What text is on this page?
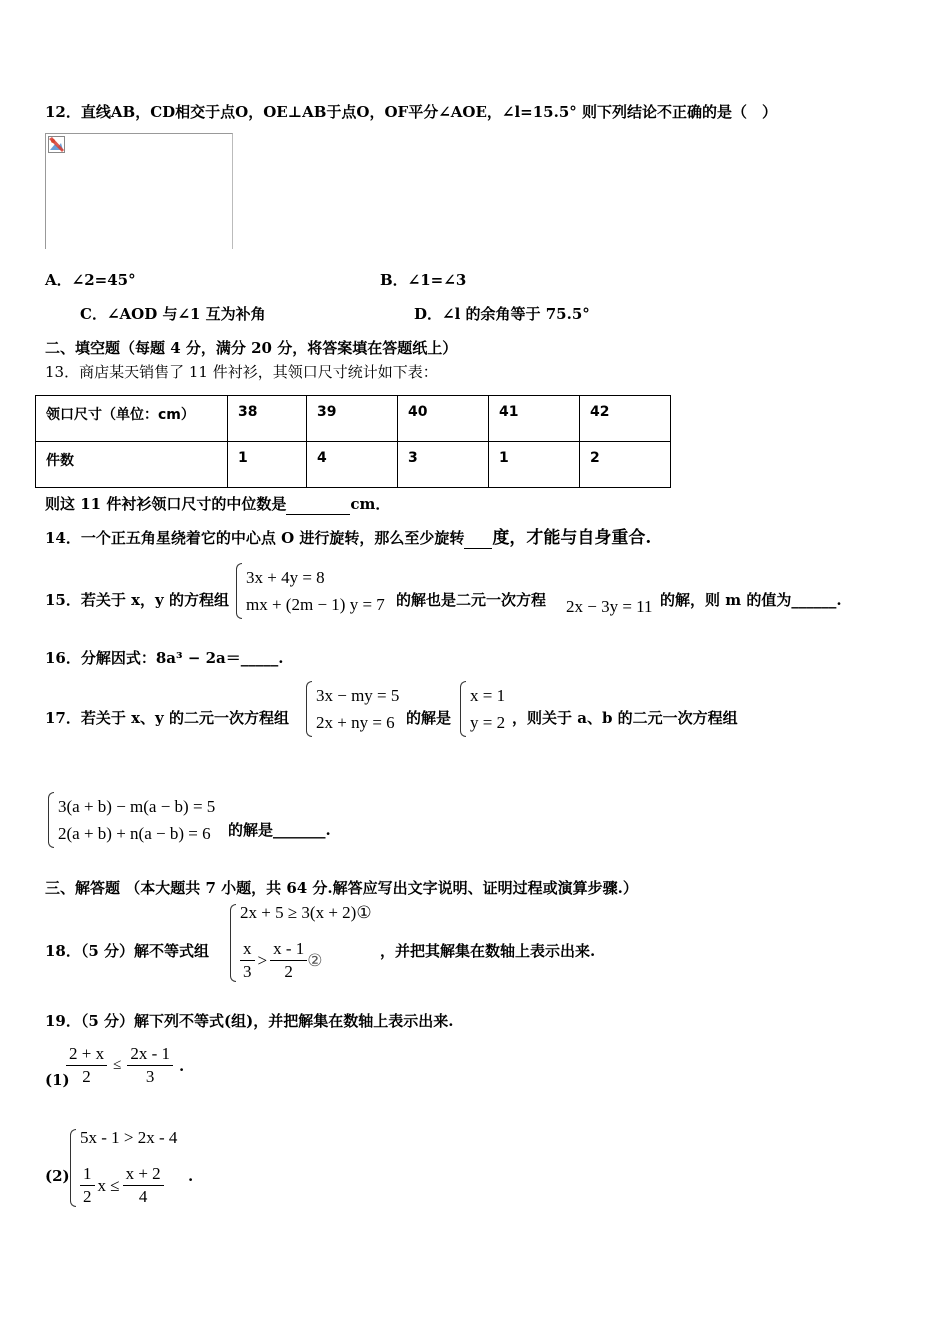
12．直线AB，CD相交于点O，OE⊥AB于点O，OF平分∠AOE，∠l=15.5° 则下列结论不正确的是（　）
A．∠2=45°	B．∠1=∠3
C．∠AOD 与∠1 互为补角	D．∠l 的余角等于 75.5°
二、填空题（每题 4 分，满分 20 分，将答案填在答题纸上）
13．商店某天销售了 11 件衬衫，其领口尺寸统计如下表：
领口尺寸（单位：cm）	38	39	40	41	42
件数	1	4	3	1	2
则这 11 件衬衫领口尺寸的中位数是	cm．
14．一个正五角星绕着它的中心点 O 进行旋转，那么至少旋转 度，才能与自身重合.
15．若关于 x，y 的方程组
3x + 4y = 8
mx + (2m − 1) y = 7 的解也是二元一次方程 2x − 3y = 11 的解，则 m 的值为______.
16．分解因式：8a³ − 2a＝_____.
17．若关于 x、y 的二元一次方程组
3x − my = 5
2x + ny = 6 的解是
x = 1
y = 2 ，则关于 a、b 的二元一次方程组
3(a + b) − m(a − b) = 5
2(a + b) + n(a − b) = 6	的解是_______.
三、解答题 （本大题共 7 小题，共 64 分.解答应写出文字说明、证明过程或演算步骤.）
18．（5 分）解不等式组
2x + 5 ≥ 3(x + 2)①
$\frac{x}{3} > \frac{x - 1}{2}$ ②	，并把其解集在数轴上表示出来.
19．（5 分）解下列不等式(组)，并把解集在数轴上表示出来.
(1)
$\frac{2 + x}{2} \le \frac{2x - 1}{3}$ .
(2)
5x - 1 > 2x - 4
$\frac{1}{2}$ $x \le \frac{x + 2}{4}$ .
